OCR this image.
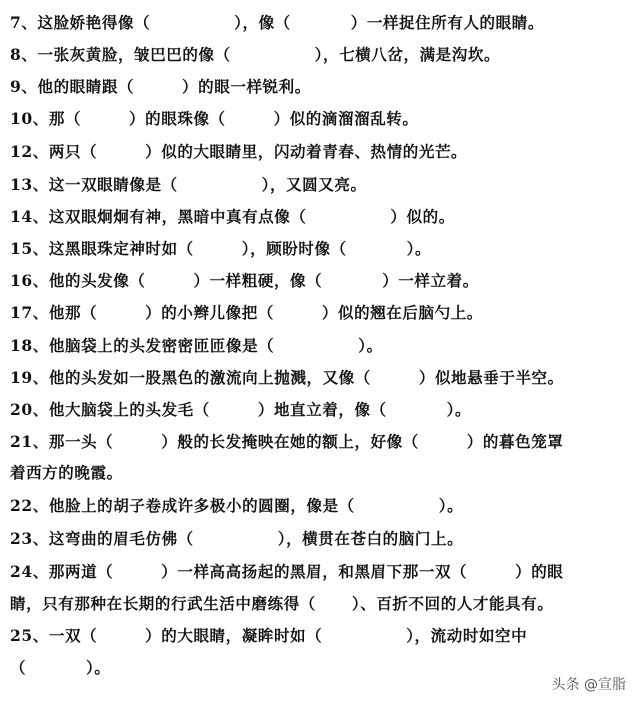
7、这脸娇艳得像（              ），像（          ）一样捉住所有人的眼睛。
8、一张灰黄脸，皱巴巴的像（              ），七横八岔，满是沟坎。
9、他的眼睛跟（        ）的眼一样锐利。
10、那（        ）的眼珠像（        ）似的滴溜溜乱转。
12、两只（        ）似的大眼睛里，闪动着青春、热情的光芒。
13、这一双眼睛像是（              ），又圆又亮。
14、这双眼炯炯有神，黑暗中真有点像（              ）似的。
15、这黑眼珠定神时如（        ），顾盼时像（          ）。
16、他的头发像（        ）一样粗硬，像（          ）一样立着。
17、他那（        ）的小辫儿像把（        ）似的翘在后脑勺上。
18、他脑袋上的头发密密匝匝像是（              ）。
19、他的头发如一股黑色的激流向上抛溅，又像（        ）似地悬垂于半空。
20、他大脑袋上的头发毛（        ）地直立着，像（          ）。
21、那一头（        ）般的长发掩映在她的额上，好像（        ）的暮色笼罩
着西方的晚霞。
22、他脸上的胡子卷成许多极小的圆圈，像是（              ）。
23、这弯曲的眉毛仿佛（              ），横贯在苍白的脑门上。
24、那两道（        ）一样高高扬起的黑眉，和黑眉下那一双（        ）的眼
睛，只有那种在长期的行武生活中磨练得（      ）、百折不回的人才能具有。
25、一双（        ）的大眼睛，凝眸时如（              ），流动时如空中
（          ）。
头条 @宣脂
